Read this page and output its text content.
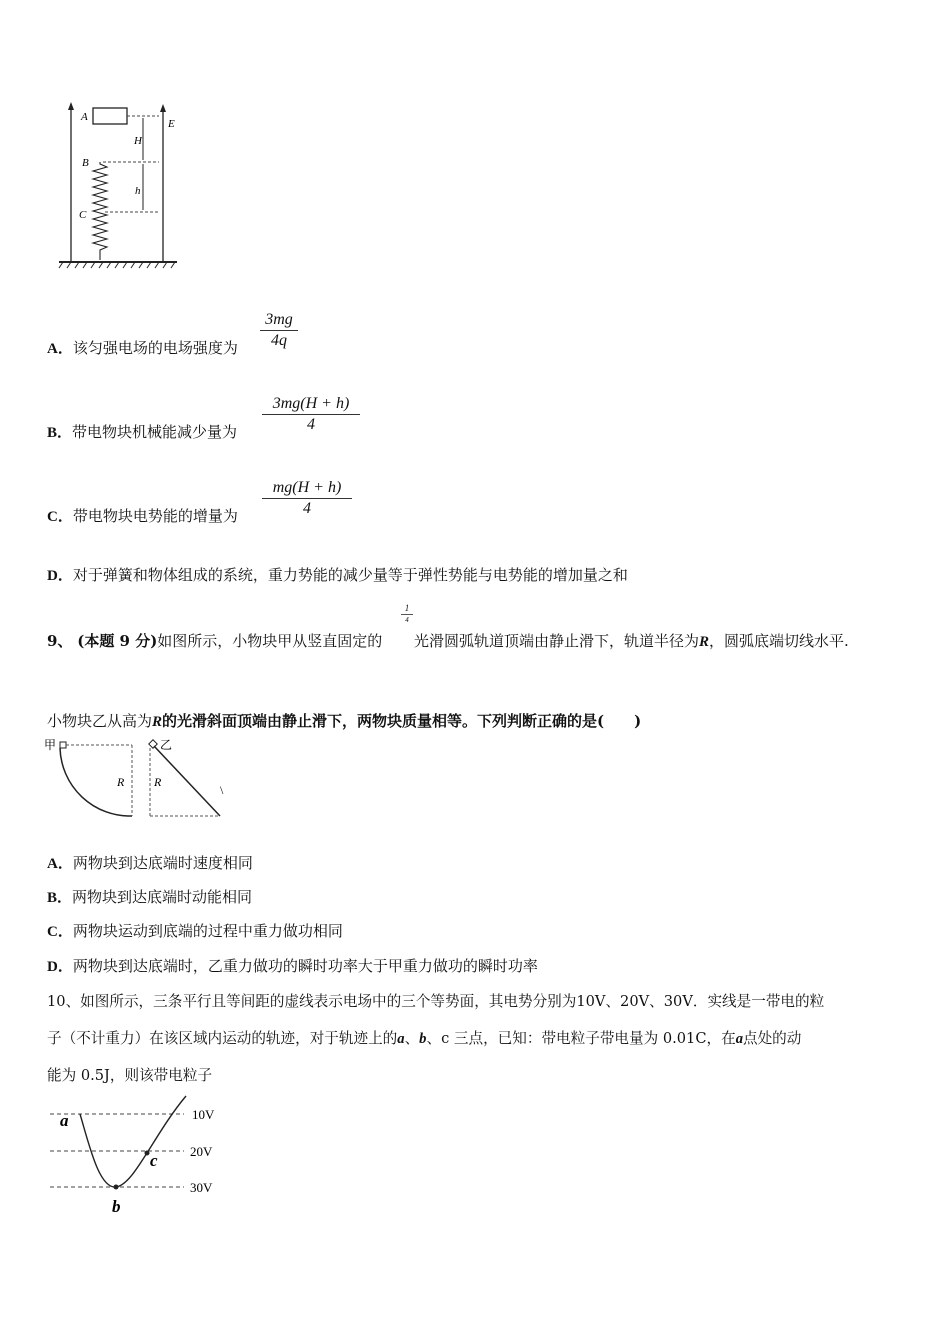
A
E
H
B
h
C
A．该匀强电场的电场强度为
3mg
4q
B．带电物块机械能减少量为
3mg(H + h)
4
C．带电物块电势能的增量为
mg(H + h)
4
D．对于弹簧和物体组成的系统，重力势能的减少量等于弹性势能与电势能的增加量之和
9、 (本题 9 分)如图所示，小物块甲从竖直固定的
1
4
光滑圆弧轨道顶端由静止滑下，轨道半径为R，圆弧底端切线水平.
小物块乙从高为R的光滑斜面顶端由静止滑下，两物块质量相等。下列判断正确的是(　　)
甲	乙
R R
\
A．两物块到达底端时速度相同
B．两物块到达底端时动能相同
C．两物块运动到底端的过程中重力做功相同
D．两物块到达底端时，乙重力做功的瞬时功率大于甲重力做功的瞬时功率
10、如图所示，三条平行且等间距的虚线表示电场中的三个等势面，其电势分别为10V、20V、30V．实线是一带电的粒
子（不计重力）在该区域内运动的轨迹，对于轨迹上的a、b、c 三点，已知：带电粒子带电量为 0.01C，在a点处的动
能为 0.5J，则该带电粒子
10V
20V
30V
a
b
c
